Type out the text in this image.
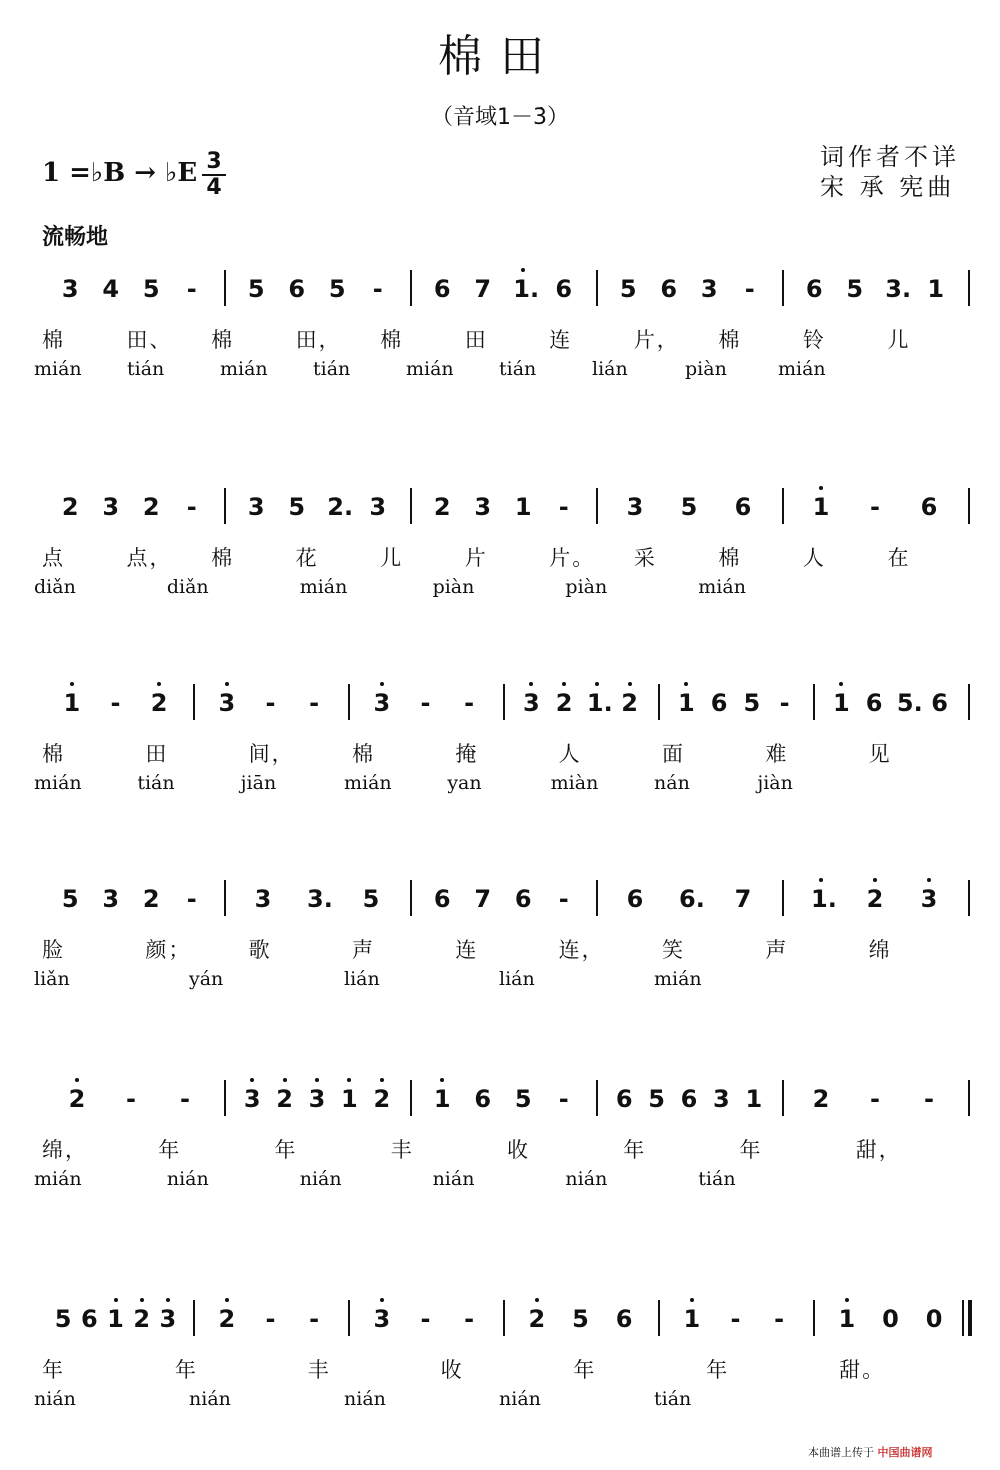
棉田
（音域1－3̇）
1 =♭B → ♭E 3
4
词作者不详
宋 承 宪曲
流畅地
3 4 5 - 5 6 5 - 6 7 1. 6 5 6 3 - 6 5 3. 1
棉	田、 棉	田， 棉	田	连	片， 棉	铃	儿
mián tián	mián tián	mián tián	lián	piàn	mián
2 3 2 - 3 5 2. 3 2 3 1 - 3 5 6	1 - 6
点	点， 棉	花	儿	片	片。 采	棉	人	在
diǎn	diǎn	mián	piàn	piàn	mián
1 - 2 3 - - 3 - - 3 2 1. 2 1 6 5 - 1 6 5. 6
棉	田	间，	棉	掩	人	面	难	见
mián	tián	jiān	mián	yan	miàn	nán	jiàn
5 3 2 - 3 3. 5 6 7 6 - 6 6. 7 1. 2 3
脸	颜；	歌	声	连	连，	笑	声	绵
liǎn	yán	lián	lián	mián
2 - - 3 2 3 1 2 1 6 5 - 6 5 6 3 1 2 - -
绵，	年	年	丰	收	年	年	甜，
mián	nián	nián	nián	nián	tián
5 6 1 2 3 2 - - 3 - - 2 5 6 1 - - 1 0 0
年	年	丰	收	年	年	甜。
nián	nián	nián	nián	tián
本曲谱上传于 中国曲谱网
